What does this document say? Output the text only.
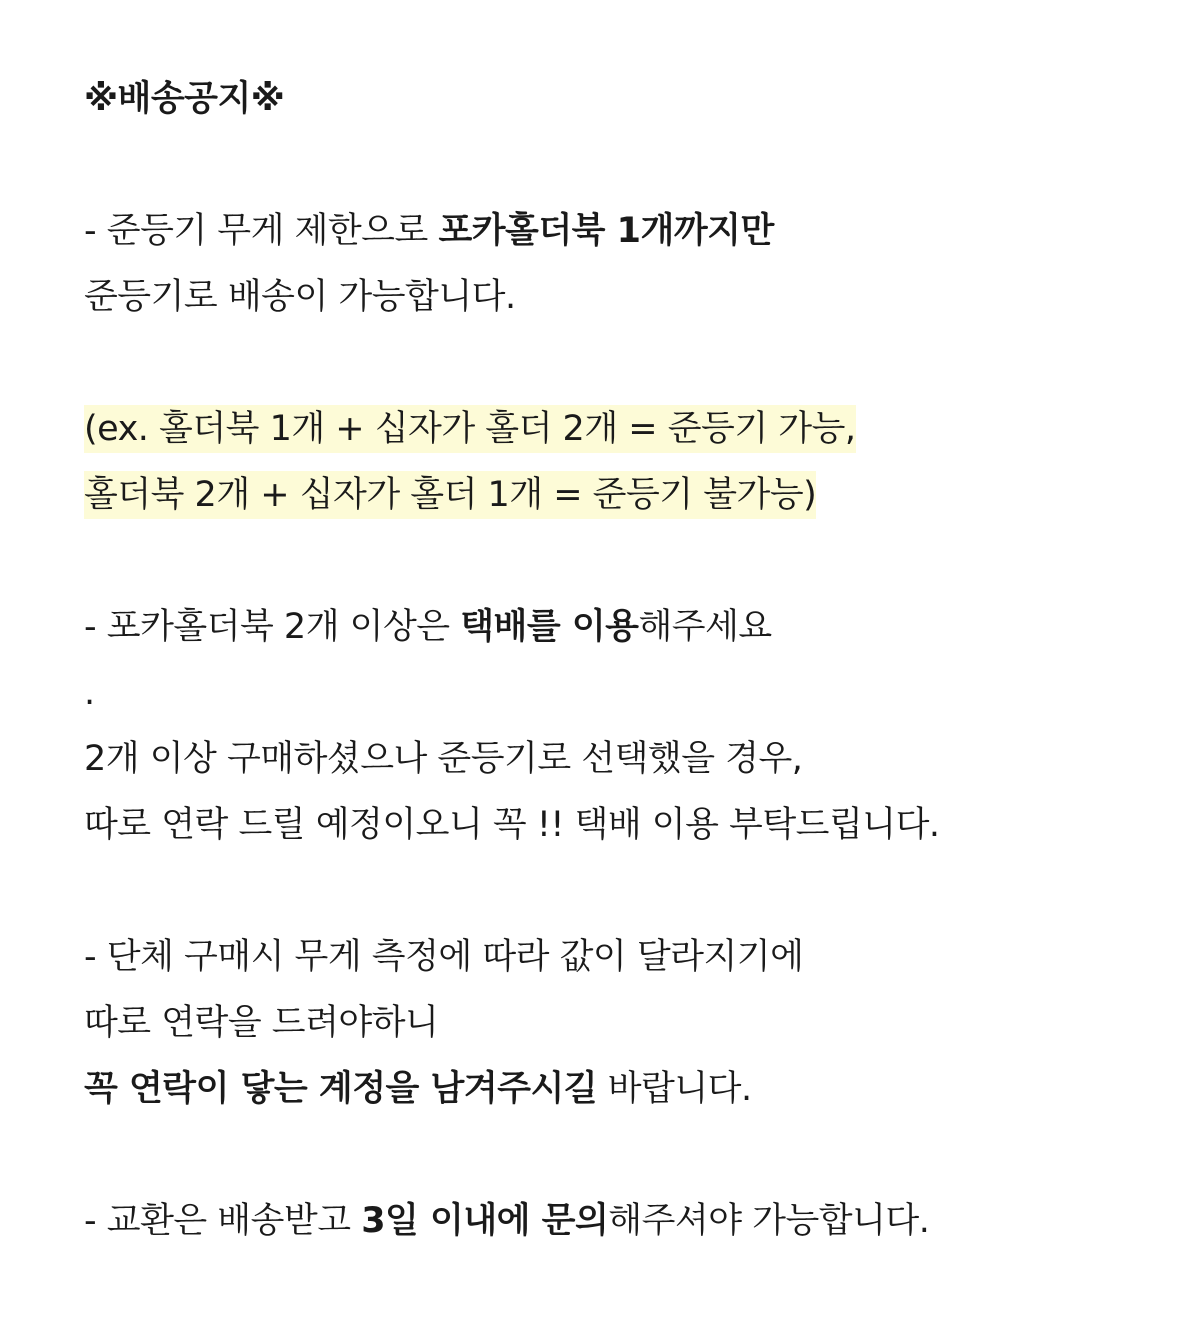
※배송공지※
- 준등기 무게 제한으로 포카홀더북 1개까지만
준등기로 배송이 가능합니다.
(ex. 홀더북 1개 + 십자가 홀더 2개 = 준등기 가능,
홀더북 2개 + 십자가 홀더 1개 = 준등기 불가능)
- 포카홀더북 2개 이상은 택배를 이용해주세요
.
2개 이상 구매하셨으나 준등기로 선택했을 경우,
따로 연락 드릴 예정이오니 꼭 !! 택배 이용 부탁드립니다.
- 단체 구매시 무게 측정에 따라 값이 달라지기에
따로 연락을 드려야하니
꼭 연락이 닿는 계정을 남겨주시길 바랍니다.
- 교환은 배송받고 3일 이내에 문의해주셔야 가능합니다.
